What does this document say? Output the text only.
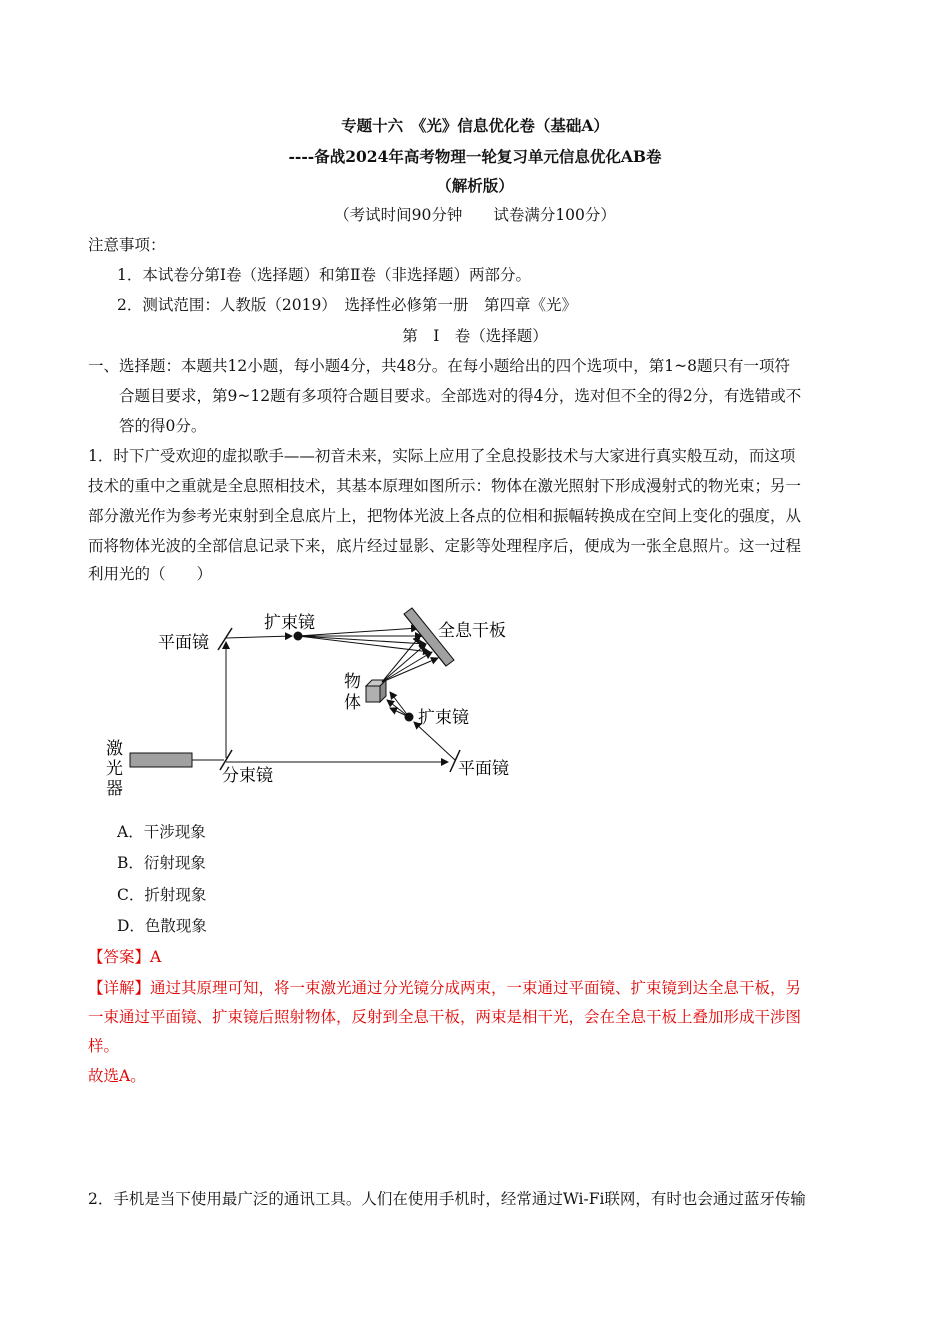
专题十六　《光》信息优化卷（基础A）
----备战2024年高考物理一轮复习单元信息优化AB卷
（解析版）
（考试时间90分钟　　试卷满分100分）
注意事项：
1．本试卷分第Ⅰ卷（选择题）和第Ⅱ卷（非选择题）两部分。
2．测试范围：人教版（2019）　选择性必修第一册　第四章《光》
第　Ⅰ　卷（选择题）
一、选择题：本题共12小题，每小题4分，共48分。在每小题给出的四个选项中，第1~8题只有一项符
合题目要求，第9~12题有多项符合题目要求。全部选对的得4分，选对但不全的得2分，有选错或不
答的得0分。
1．时下广受欢迎的虚拟歌手——初音未来，实际上应用了全息投影技术与大家进行真实般互动，而这项
技术的重中之重就是全息照相技术，其基本原理如图所示：物体在激光照射下形成漫射式的物光束；另一
部分激光作为参考光束射到全息底片上，把物体光波上各点的位相和振幅转换成在空间上变化的强度，从
而将物体光波的全部信息记录下来，底片经过显影、定影等处理程序后，便成为一张全息照片。这一过程
利用光的（　　）
平面镜
扩束镜	全息干板
物
体
扩束镜
激
光
器
分束镜	平面镜
A．干涉现象
B．衍射现象
C．折射现象
D．色散现象
【答案】A
【详解】通过其原理可知，将一束激光通过分光镜分成两束，一束通过平面镜、扩束镜到达全息干板，另
一束通过平面镜、扩束镜后照射物体，反射到全息干板，两束是相干光，会在全息干板上叠加形成干涉图
样。
故选A。
2．手机是当下使用最广泛的通讯工具。人们在使用手机时，经常通过Wi-Fi联网，有时也会通过蓝牙传输
